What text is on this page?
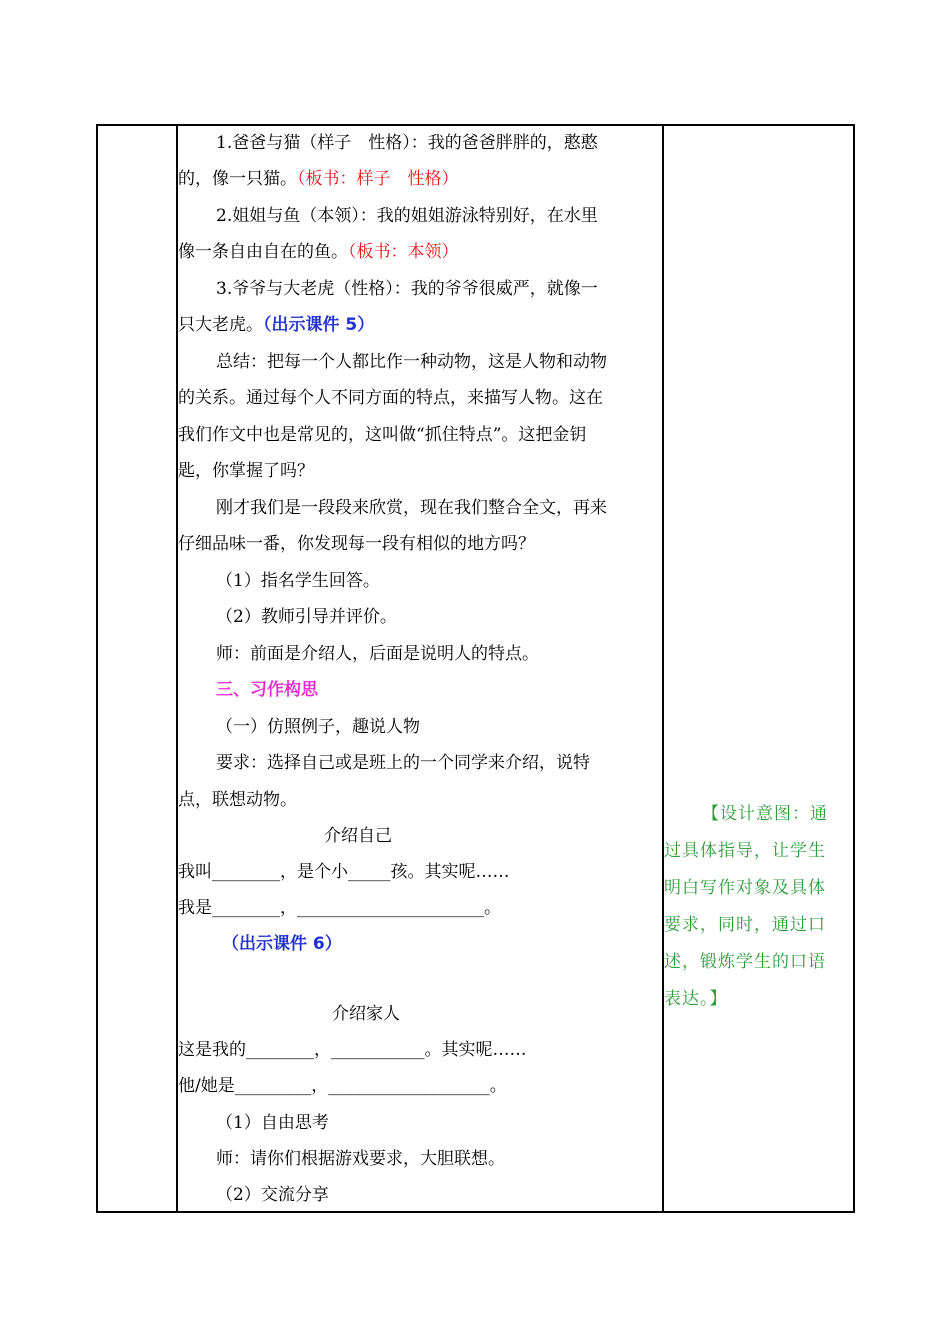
1.爸爸与猫（样子　性格）：我的爸爸胖胖的，憨憨
的，像一只猫。（板书：样子　性格）
2.姐姐与鱼（本领）：我的姐姐游泳特别好，在水里
像一条自由自在的鱼。（板书：本领）
3.爷爷与大老虎（性格）：我的爷爷很威严，就像一
只大老虎。（出示课件 5）
总结：把每一个人都比作一种动物，这是人物和动物
的关系。通过每个人不同方面的特点，来描写人物。这在
我们作文中也是常见的，这叫做“抓住特点”。这把金钥
匙，你掌握了吗？
刚才我们是一段段来欣赏，现在我们整合全文，再来
仔细品味一番，你发现每一段有相似的地方吗？
（1）指名学生回答。
（2）教师引导并评价。
师：前面是介绍人，后面是说明人的特点。
三、习作构思
（一）仿照例子，趣说人物
要求：选择自己或是班上的一个同学来介绍，说特
点，联想动物。
介绍自己
我叫________，是个小_____孩。其实呢……
我是________，______________________。
（出示课件 6）
介绍家人
这是我的________，___________。其实呢……
他/她是_________，___________________。
（1）自由思考
师：请你们根据游戏要求，大胆联想。
（2）交流分享
【设计意图：通
过具体指导，让学生
明白写作对象及具体
要求，同时，通过口
述，锻炼学生的口语
表达。】
